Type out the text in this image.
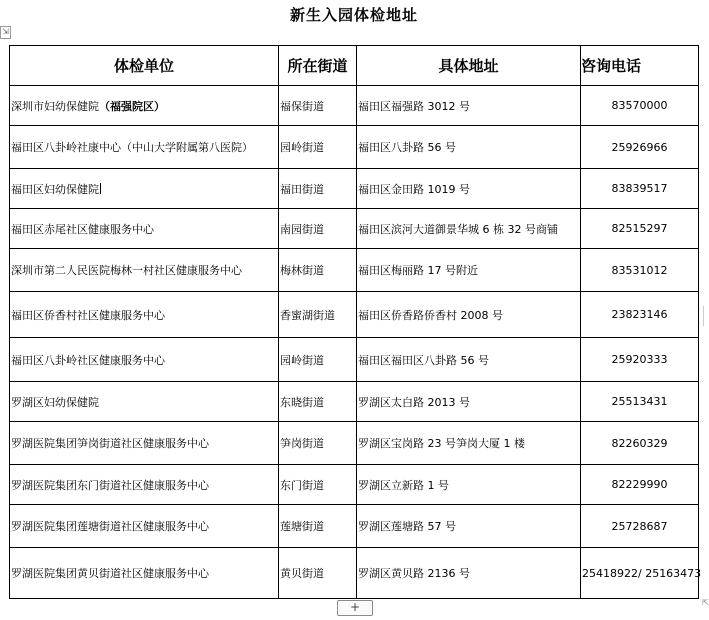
新生入园体检地址
⇲
体检单位	所在街道	具体地址	咨询电话
深圳市妇幼保健院（福强院区）	福保街道	福田区福强路 3012 号	83570000
福田区八卦岭社康中心（中山大学附属第八医院）	园岭街道	福田区八卦路 56 号	25926966
福田区妇幼保健院	福田街道	福田区金田路 1019 号	83839517
福田区赤尾社区健康服务中心	南园街道	福田区滨河大道御景华城 6 栋 32 号商铺	82515297
深圳市第二人民医院梅林一村社区健康服务中心	梅林街道	福田区梅丽路 17 号附近	83531012
福田区侨香村社区健康服务中心	香蜜湖街道	福田区侨香路侨香村 2008 号	23823146
福田区八卦岭社区健康服务中心	园岭街道	福田区福田区八卦路 56 号	25920333
罗湖区妇幼保健院	东晓街道	罗湖区太白路 2013 号	25513431
罗湖医院集团笋岗街道社区健康服务中心	笋岗街道	罗湖区宝岗路 23 号笋岗大厦 1 楼	82260329
罗湖医院集团东门街道社区健康服务中心	东门街道	罗湖区立新路 1 号	82229990
罗湖医院集团莲塘街道社区健康服务中心	莲塘街道	罗湖区莲塘路 57 号	25728687
罗湖医院集团黄贝街道社区健康服务中心	黄贝街道	罗湖区黄贝路 2136 号	25418922/ 25163473
+	⇱
